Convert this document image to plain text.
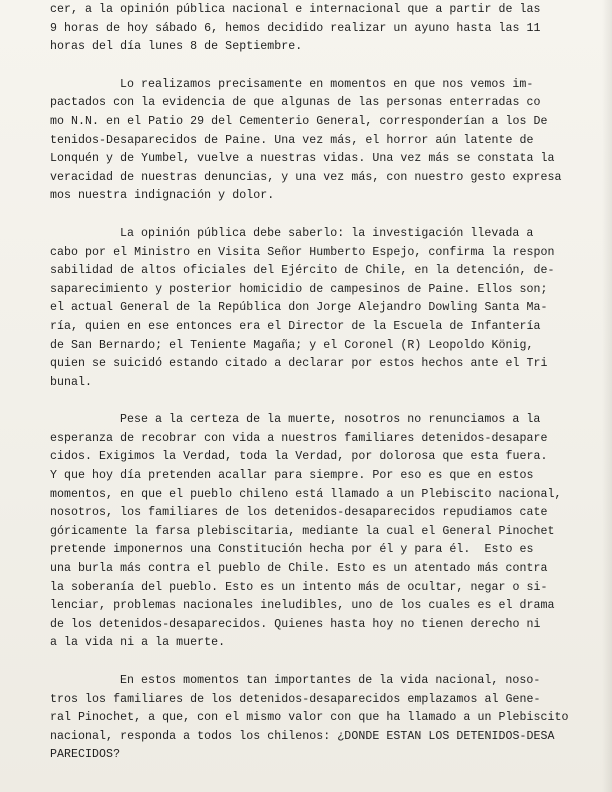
cer, a la opinión pública nacional e internacional que a partir de las

9 horas de hoy sábado 6, hemos decidido realizar un ayuno hasta las 11

horas del día lunes 8 de Septiembre.

Lo realizamos precisamente en momentos en que nos vemos im-

pactados con la evidencia de que algunas de las personas enterradas co

mo N.N. en el Patio 29 del Cementerio General, corresponderían a los De

tenidos-Desaparecidos de Paine. Una vez más, el horror aún latente de

Lonquén y de Yumbel, vuelve a nuestras vidas. Una vez más se constata la

veracidad de nuestras denuncias, y una vez más, con nuestro gesto expresa

mos nuestra indignación y dolor.

La opinión pública debe saberlo: la investigación llevada a

cabo por el Ministro en Visita Señor Humberto Espejo, confirma la respon

sabilidad de altos oficiales del Ejército de Chile, en la detención, de-

saparecimiento y posterior homicidio de campesinos de Paine. Ellos son;

el actual General de la República don Jorge Alejandro Dowling Santa Ma-

ría, quien en ese entonces era el Director de la Escuela de Infantería

de San Bernardo; el Teniente Magaña; y el Coronel (R) Leopoldo König,

quien se suicidó estando citado a declarar por estos hechos ante el Tri

bunal.

Pese a la certeza de la muerte, nosotros no renunciamos a la

esperanza de recobrar con vida a nuestros familiares detenidos-desapare

cidos. Exigimos la Verdad, toda la Verdad, por dolorosa que esta fuera.

Y que hoy día pretenden acallar para siempre. Por eso es que en estos

momentos, en que el pueblo chileno está llamado a un Plebiscito nacional,

nosotros, los familiares de los detenidos-desaparecidos repudiamos cate

góricamente la farsa plebiscitaria, mediante la cual el General Pinochet

pretende imponernos una Constitución hecha por él y para él.  Esto es

una burla más contra el pueblo de Chile. Esto es un atentado más contra

la soberanía del pueblo. Esto es un intento más de ocultar, negar o si-

lenciar, problemas nacionales ineludibles, uno de los cuales es el drama

de los detenidos-desaparecidos. Quienes hasta hoy no tienen derecho ni

a la vida ni a la muerte.

En estos momentos tan importantes de la vida nacional, noso-

tros los familiares de los detenidos-desaparecidos emplazamos al Gene-

ral Pinochet, a que, con el mismo valor con que ha llamado a un Plebiscito

nacional, responda a todos los chilenos: ¿DONDE ESTAN LOS DETENIDOS-DESA

PARECIDOS?
